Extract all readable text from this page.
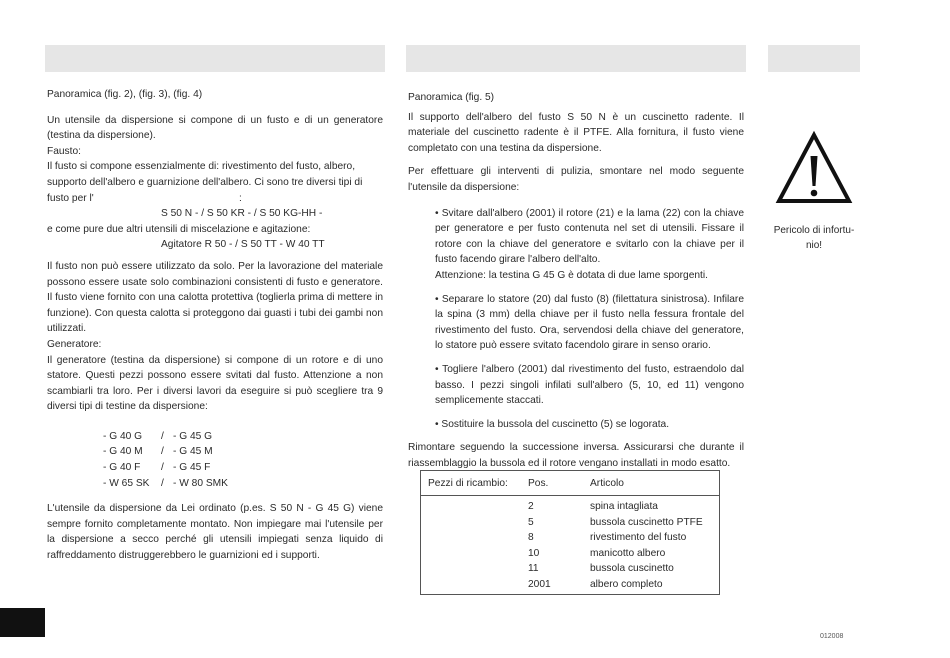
Panoramica (fig. 2), (fig. 3), (fig. 4)

Un utensile da dispersione si compone di un fusto e di un generatore (testina da dispersione).

Fausto:

Il fusto si compone essenzialmente di: rivestimento del fusto, albero, supporto dell'albero e guarnizione dell'albero. Ci sono tre diversi tipi di fusto per l'	:
S 50 N - / S 50 KR - / S 50 KG-HH -

e come pure due altri utensili di miscelazione e agitazione:

Agitatore R 50 - / S 50 TT - W 40 TT

Il fusto non può essere utilizzato da solo. Per la lavorazione del materiale possono essere usate solo combinazioni consistenti di fusto e generatore. Il fusto viene fornito con una calotta protettiva (toglierla prima di mettere in funzione). Con questa calotta si proteggono dai guasti i tubi dei gambi non utilizzati.

Generatore:

Il generatore (testina da dispersione) si compone di un rotore e di uno statore. Questi pezzi possono essere svitati dal fusto. Attenzione a non scambiarli tra loro. Per i diversi lavori da eseguire si può scegliere tra 9 diversi tipi di testine da dispersione:

- G 40 G	/	- G 45 G
- G 40 M	/	- G 45 M
- G 40 F	/	- G 45 F
- W 65 SK	/	- W 80 SMK

L'utensile da dispersione da Lei ordinato (p.es. S 50 N - G 45 G) viene sempre fornito completamente montato. Non impiegare mai l'utensile per la dispersione a secco perché gli utensili impiegati senza liquido di raffreddamento distruggerebbero le guarnizioni ed i supporti.

Panoramica (fig. 5)

Il supporto dell'albero del fusto S 50 N è un cuscinetto radente. Il materiale del cuscinetto radente è il PTFE. Alla fornitura, il fusto viene completato con una testina da dispersione.

Per effettuare gli interventi di pulizia, smontare nel modo seguente l'utensile da dispersione:

• Svitare dall'albero (2001) il rotore (21) e la lama (22) con la chiave per generatore e per fusto contenuta nel set di utensili. Fissare il rotore con la chiave del generatore e svitarlo con la chiave per il fusto facendo girare l'albero dell'alto.

Attenzione: la testina G 45 G è dotata di due lame sporgenti.

• Separare lo statore (20) dal fusto (8) (filettatura sinistrosa). Infilare la spina (3 mm) della chiave per il fusto nella fessura frontale del rivestimento del fusto. Ora, servendosi della chiave del generatore, lo statore può essere svitato facendolo girare in senso orario.

• Togliere l'albero (2001) dal rivestimento del fusto, estraendolo dal basso. I pezzi singoli infilati sull'albero (5, 10, ed 11) vengono semplicemente staccati.

• Sostituire la bussola del cuscinetto (5) se logorata.

Rimontare seguendo la successione inversa. Assicurarsi che durante il riassemblaggio la bussola ed il rotore vengano installati in modo esatto.

Pezzi di ricambio: Pos.	Articolo
2	spina intagliata
5	bussola cuscinetto PTFE
8	rivestimento del fusto
10	manicotto albero
11	bussola cuscinetto
2001	albero completo
Pericolo di infortu-
nio!
012008
